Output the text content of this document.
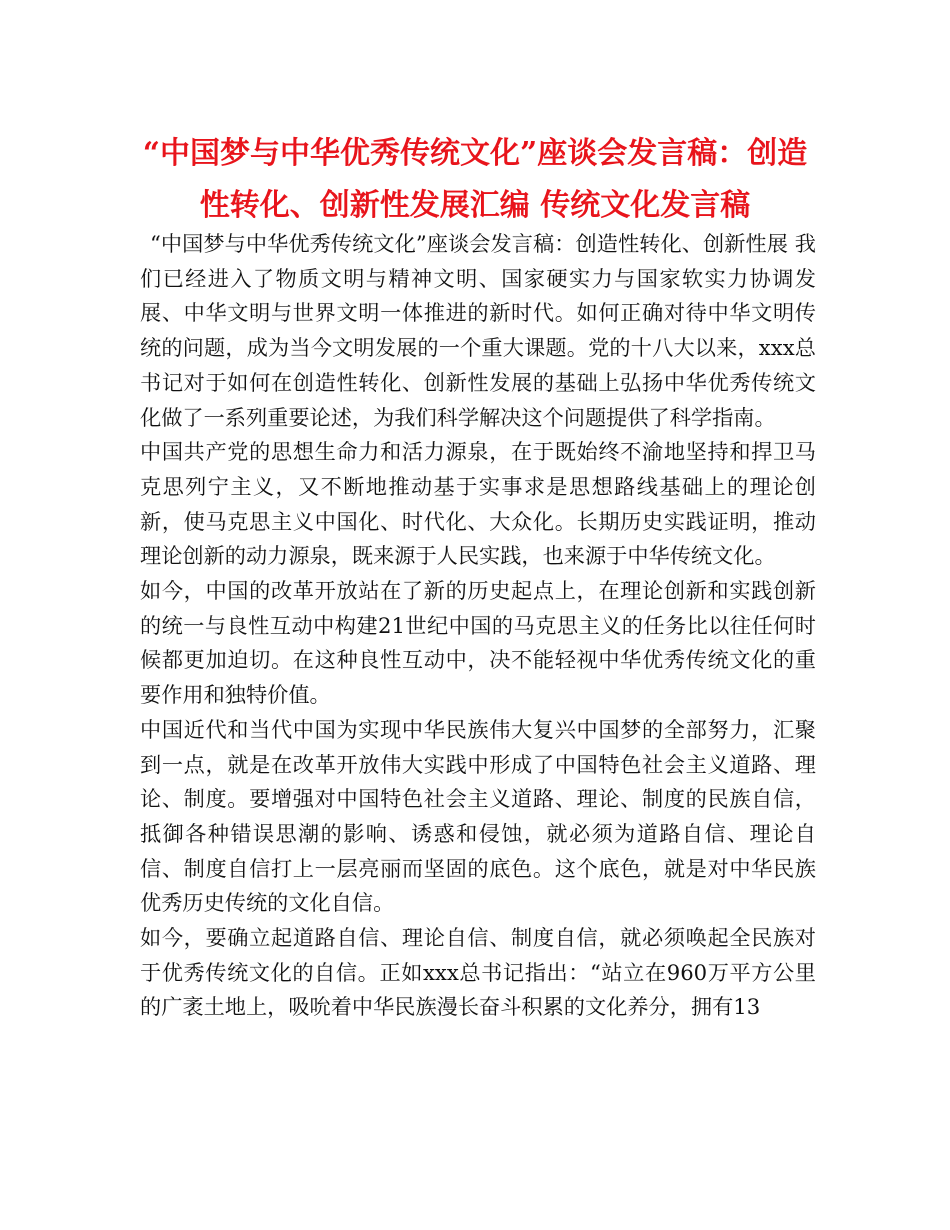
“中国梦与中华优秀传统文化”座谈会发言稿：创造性转化、创新性发展汇编 传统文化发言稿

“中国梦与中华优秀传统文化”座谈会发言稿：创造性转化、创新性展 我们已经进入了物质文明与精神文明、国家硬实力与国家软实力协调发展、中华文明与世界文明一体推进的新时代。如何正确对待中华文明传统的问题，成为当今文明发展的一个重大课题。党的十八大以来，xxx总书记对于如何在创造性转化、创新性发展的基础上弘扬中华优秀传统文化做了一系列重要论述，为我们科学解决这个问题提供了科学指南。

中国共产党的思想生命力和活力源泉，在于既始终不渝地坚持和捍卫马克思列宁主义，又不断地推动基于实事求是思想路线基础上的理论创新，使马克思主义中国化、时代化、大众化。长期历史实践证明，推动理论创新的动力源泉，既来源于人民实践，也来源于中华传统文化。

如今，中国的改革开放站在了新的历史起点上，在理论创新和实践创新的统一与良性互动中构建21世纪中国的马克思主义的任务比以往任何时候都更加迫切。在这种良性互动中，决不能轻视中华优秀传统文化的重要作用和独特价值。

中国近代和当代中国为实现中华民族伟大复兴中国梦的全部努力，汇聚到一点，就是在改革开放伟大实践中形成了中国特色社会主义道路、理论、制度。要增强对中国特色社会主义道路、理论、制度的民族自信，抵御各种错误思潮的影响、诱惑和侵蚀，就必须为道路自信、理论自信、制度自信打上一层亮丽而坚固的底色。这个底色，就是对中华民族优秀历史传统的文化自信。

如今，要确立起道路自信、理论自信、制度自信，就必须唤起全民族对于优秀传统文化的自信。正如xxx总书记指出：“站立在960万平方公里的广袤土地上，吸吮着中华民族漫长奋斗积累的文化养分，拥有13
